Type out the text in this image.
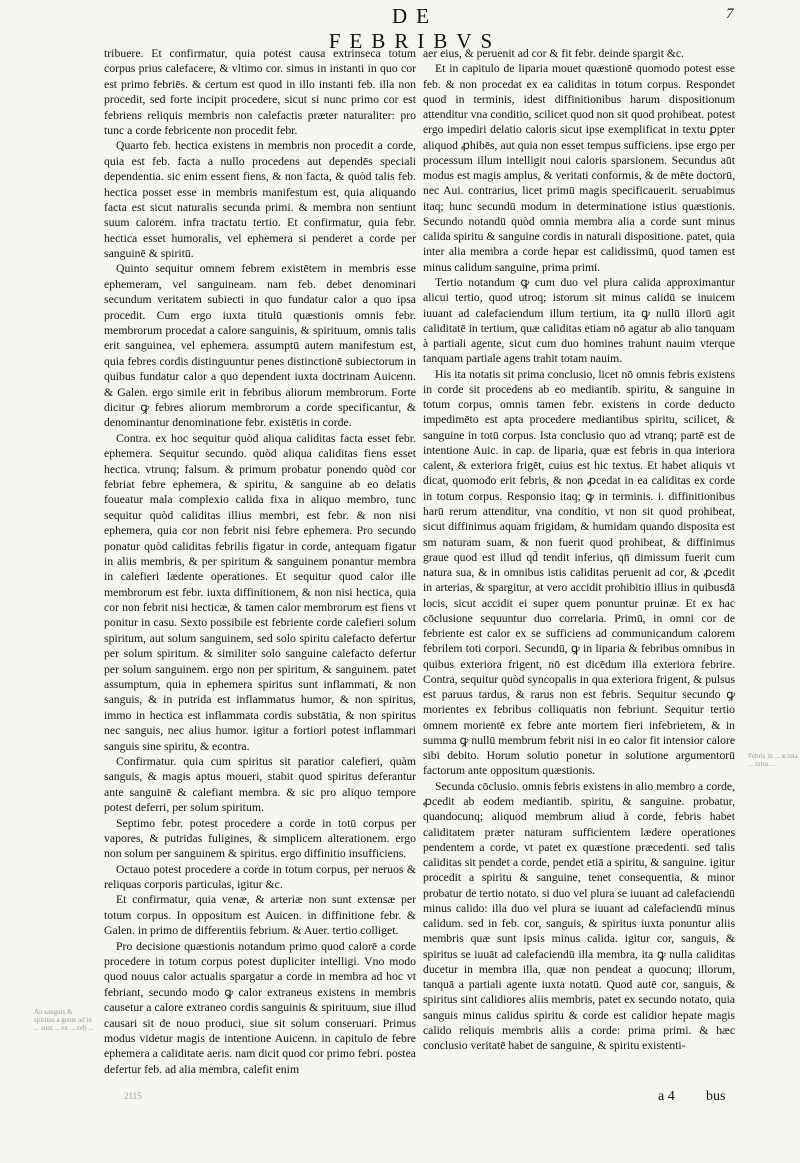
DE FEBRIBVS
7

tribuere. Et confirmatur, quia potest causa extrinseca totum corpus prius calefacere, & vltimo cor. simus in instanti in quo cor est primo febriēs. & certum est quod in illo instanti feb. illa non procedit, sed forte incipit procedere, sicut si nunc primo cor est febriens reliquis membris non calefactis præter naturaliter: pro tunc a corde febricente non procedit febr.

Quarto feb. hectica existens in membris non procedit a corde, quia est feb. facta a nullo procedens aut dependēs speciali dependentia. sic enim essent fiens, & non facta, & quòd talis feb. hectica posset esse in membris manifestum est, quia aliquando facta est sicut naturalis secunda primi. & membra non sentiunt suum calorem. infra tractatu tertio. Et confirmatur, quia febr. hectica esset humoralis, vel ephemera si penderet a corde per sanguinē & spiritū.

Quinto sequitur omnem febrem existētem in membris esse ephemeram, vel sanguineam. nam feb. debet denominari secundum veritatem subiecti in quo fundatur calor a quo ipsa procedit. Cum ergo iuxta titulū quæstionis omnis febr. membrorum procedat a calore sanguinis, & spirituum, omnis talis erit sanguinea, vel ephemera. assumptū autem manifestum est, quia febres cordis distinguuntur penes distinctionē subiectorum in quibus fundatur calor a quo dependent iuxta doctrinam Auicenn. & Galen. ergo simile erit in febribus aliorum membrorum. Forte dicitur ꝙ febres aliorum membrorum a corde specificantur, & denominantur denominatione febr. existētis in corde.

Contra. ex hoc sequitur quòd aliqua caliditas facta esset febr. ephemera. Sequitur secundo. quòd aliqua caliditas fiens esset hectica. vtrunq; falsum. & primum probatur ponendo quòd cor febriat febre ephemera, & spiritu, & sanguine ab eo delatis foueatur mala complexio calida fixa in aliquo membro, tunc sequitur quòd caliditas illius membri, est febr. & non nisi ephemera, quia cor non febrit nisi febre ephemera. Pro secundo ponatur quòd caliditas febrilis figatur in corde, antequam figatur in aliis membris, & per spiritum & sanguinem ponantur membra in calefieri lædente operationes. Et sequitur quod calor ille membrorum est febr. iuxta diffinitionem, & non nisi hectica, quia cor non febrit nisi hecticæ, & tamen calor membrorum est fiens vt ponitur in casu. Sexto possibile est febriente corde calefieri solum spiritum, aut solum sanguinem, sed solo spiritu calefacto defertur per solum spiritum. & similiter solo sanguine calefacto defertur per solum sanguinem. ergo non per spiritum, & sanguinem. patet assumptum, quia in ephemera spiritus sunt inflammati, & non sanguis, & in putrida est inflammatus humor, & non spiritus, immo in hectica est inflammata cordis substātia, & non spiritus nec sanguis, nec alius humor. igitur a fortiori potest inflammari sanguis sine spiritu, & econtra.

Confirmatur. quia cum spiritus sit paratior calefieri, quàm sanguis, & magis aptus moueri, stabit quod spiritus deferantur ante sanguinē & calefiant membra. & sic pro aliquo tempore potest deferri, per solum spiritum.

Septimo febr. potest procedere a corde in totū corpus per vapores, & putridas fuligines, & simplicem alterationem. ergo non solum per sanguinem & spiritus. ergo diffinitio insufficiens.

Octauo potest procedere a corde in totum corpus, per neruos & reliquas corporis particulas, igitur &c.

Et confirmatur, quia venæ, & arteriæ non sunt extensæ per totum corpus. In oppositum est Auicen. in diffinitione febr. & Galen. in primo de differentiis febrium. & Auer. tertio colliget.

Pro decisione quæstionis notandum primo quod calorē a corde procedere in totum corpus potest dupliciter intelligi. Vno modo quod nouus calor actualis spargatur a corde in membra ad hoc vt febriant, secundo modo ꝙ calor extraneus existens in membris causetur a calore extraneo cordis sanguinis & spirituum, siue illud causari sit de nouo produci, siue sit solum conseruari. Primus modus videtur magis de intentione Auicenn. in capitulo de febre ephemera a caliditate aeris. nam dicit quod cor primo febri. postea defertur feb. ad alia membra, calefit enim

aer eius, & peruenit ad cor & fit febr. deinde spargit &c.

Et in capitulo de liparia mouet quæstionē quomodo potest esse feb. & non procedat ex ea caliditas in totum corpus. Respondet quod in terminis, idest diffinitionibus harum dispositionum attenditur vna conditio, scilicet quod non sit quod prohibeat. potest ergo impediri delatio caloris sicut ipse exemplificat in textu ꝑpter aliquod ꝓhibēs, aut quia non esset tempus sufficiens. ipse ergo per processum illum intelligit noui caloris sparsionem. Secundus aūt modus est magis amplus, & veritati conformis, & de mēte doctorū, nec Aui. contrarius, licet primū magis specificauerit. seruabimus itaq; hunc secundū modum in determinatione istius quæstionis. Secundo notandū quòd omnia membra alia a corde sunt minus calida spiritu & sanguine cordis in naturali dispositione. patet, quia inter alia membra a corde hepar est calidissimū, quod tamen est minus calidum sanguine, prima primi.

Tertio notandum ꝙ cum duo vel plura calida approximantur alicui tertio, quod utroq; istorum sit minus calidū se inuicem iuuant ad calefaciendum illum tertium, ita ꝙ nullū illorū agit caliditatē in tertium, quæ caliditas etiam nō agatur ab alio tanquam à partiali agente, sicut cum duo homines trahunt nauim vterque tanquam partiale agens trahit totam nauim.

His ita notatis sit prima conclusio, licet nō omnis febris existens in corde sit procedens ab eo mediantib. spiritu, & sanguine in totum corpus, omnis tamen febr. existens in corde deducto impedimēto est apta procedere mediantibus spiritu, scilicet, & sanguine in totū corpus. Ista conclusio quo ad vtranq; partē est de intentione Auic. in cap. de liparia, quæ est febris in qua interiora calent, & exteriora frigēt, cuius est hic textus. Et habet aliquis vt dicat, quomodo erit febris, & non ꝓcedat in ea caliditas ex corde in totum corpus. Responsio itaq; ꝙ in terminis. i. diffinitionibus harū rerum attenditur, vna conditio, vt non sit quod prohibeat, sicut diffinimus aquam frigidam, & humidam quando disposita est sm naturam suam, & non fuerit quod prohibeat, & diffinimus graue quod est illud qd̄ tendit inferius, qn̄ dimissum fuerit cum natura sua, & in omnibus istis caliditas peruenit ad cor, & ꝓcedit in arterias, & spargitur, at vero accidit prohibitio illius in quibusdā locis, sicut accidit ei super quem ponuntur pruinæ. Et ex hac cōclusione sequuntur duo correlaria. Primū, in omni cor de febriente est calor ex se sufficiens ad communicandum calorem febrilem toti corpori. Secundū, ꝙ in liparia & febribus omnibus in quibus exteriora frigent, nō est dicēdum illa exteriora febrire. Contra, sequitur quòd syncopalis in qua exteriora frigent, & pulsus est paruus tardus, & rarus non est febris. Sequitur secundo ꝙ morientes ex febribus colliquatis non febriunt. Sequitur tertio omnem morientē ex febre ante mortem fieri infebrietem, & in summa ꝙ nullū membrum febrit nisi in eo calor fit intensior calore sibi debito. Horum solutio ponetur in solutione argumentorū factorum ante oppositum quæstionis.

Secunda cōclusio. omnis febris existens in alio membro a corde, ꝓcedit ab eodem mediantib. spiritu, & sanguine. probatur, quandocunq; aliquod membrum aliud à corde, febris habet caliditatem præter naturam sufficientem lædere operationes pendentem a corde, vt patet ex quæstione præcedenti. sed talis caliditas sit pendet a corde, pendet etiā a spiritu, & sanguine. igitur procedit a spiritu & sanguine, tenet consequentia, & minor probatur de tertio notato. si duo vel plura se iuuant ad calefaciendū minus calido: illa duo vel plura se iuuant ad calefaciendū minus calidum. sed in feb. cor, sanguis, & spiritus iuxta ponuntur aliis membris quæ sunt ipsis minus calida. igitur cor, sanguis, & spiritus se iuuāt ad calefaciendū illa membra, ita ꝙ nulla caliditas ducetur in membra illa, quæ non pendeat a quocunq; illorum, tanquā a partiali agente iuxta notatū. Quod autē cor, sanguis, & spiritus sint calidiores aliis membris, patet ex secundo notato, quia sanguis minus calidus spiritu & corde est calidior hepate magis calido reliquis membris aliis a corde: prima primi. & hæc conclusio veritatē habet de sanguine, & spiritu existenti-

An sanguis & spiritus a gente ad in ... sunt ... ex ... ceb ...
Febris in ... sciuta ... intus ...
2115	a 4 bus
